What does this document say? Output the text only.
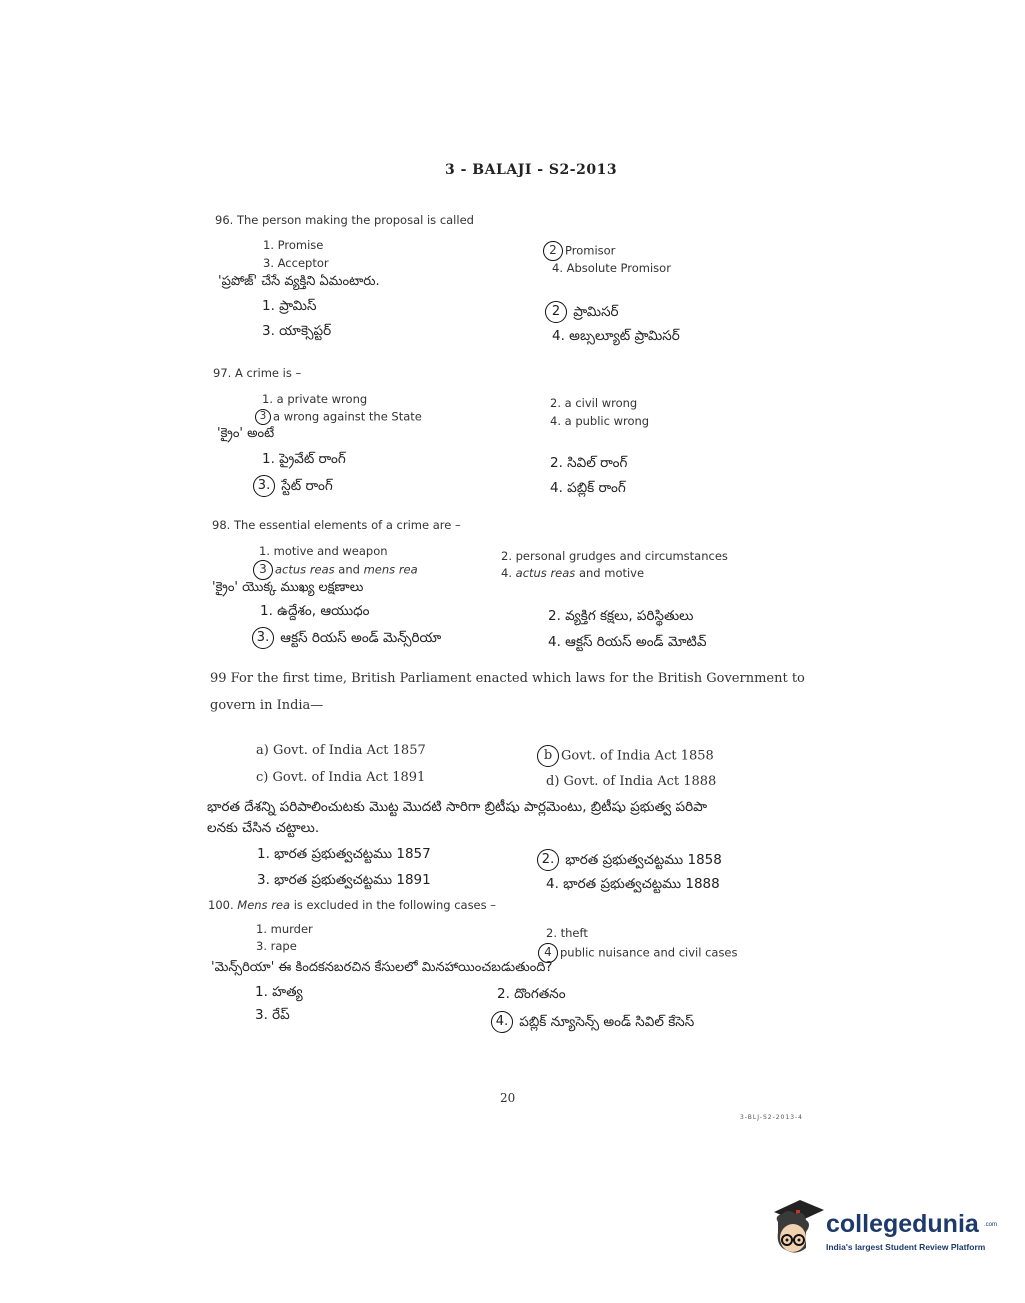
3 - BALAJI - S2-2013
96. The person making the proposal is called
1. Promise	2 Promisor
3. Acceptor	4. Absolute Promisor
'ప్రపోజ్' చేసే వ్యక్తిని ఏమంటారు.
1. ప్రామిస్	2 ప్రామిసర్
3. యాక్సెప్టర్	4. అబ్సల్యూట్ ప్రామిసర్
97. A crime is –
1. a private wrong	2. a civil wrong
3 a wrong against the State	4. a public wrong
'క్రైం' అంటే
1. ప్రైవేట్ రాంగ్	2. సివిల్ రాంగ్
3. స్టేట్ రాంగ్	4. పబ్లిక్ రాంగ్
98. The essential elements of a crime are –
1. motive and weapon	2. personal grudges and circumstances
3 actus reas and mens rea	4. actus reas and motive
'క్రైం' యొక్క ముఖ్య లక్షణాలు
1. ఉద్దేశం, ఆయుధం	2. వ్యక్తిగ కక్షలు, పరిస్థితులు
3. ఆక్టస్ రియస్ అండ్ మెన్స్‌రియా	4. ఆక్టస్ రియస్ అండ్ మోటివ్
99 For the first time, British Parliament enacted which laws for the British Government to
govern in India—
a) Govt. of India Act 1857	b Govt. of India Act 1858
c) Govt. of India Act 1891	d) Govt. of India Act 1888
భారత దేశన్ని పరిపాలించుటకు మొట్ట మొదటి సారిగా బ్రిటీషు పార్లమెంటు, బ్రిటీషు ప్రభుత్వ పరిపా
లనకు చేసిన చట్టాలు.
1. భారత ప్రభుత్వచట్టము 1857	2. భారత ప్రభుత్వచట్టము 1858
3. భారత ప్రభుత్వచట్టము 1891	4. భారత ప్రభుత్వచట్టము 1888
100. Mens rea is excluded in the following cases –
1. murder	2. theft
3. rape	4 public nuisance and civil cases
'మెన్స్‌రియా' ఈ కిందకనబరచిన కేసులలో మినహాయించబడుతుంది?
1. హత్య	2. దొంగతనం
3. రేప్	4. పబ్లిక్ న్యూసెన్స్ అండ్ సివిల్ కేసెస్
20
3-BLJ-S2-2013-4
collegedunia .com
India's largest Student Review Platform
